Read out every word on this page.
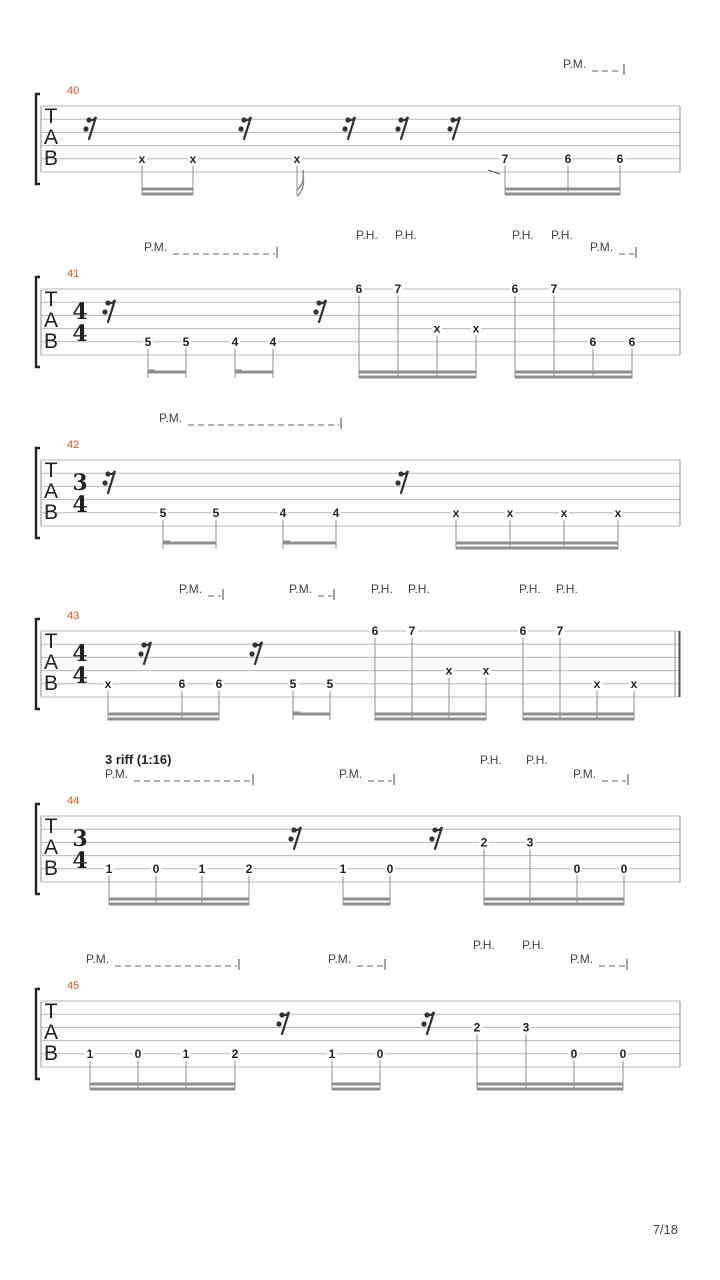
T
A
B
40
x	x	x	7	6	6
P.M.
T
A
B
41
4
4	5	5	4	4
6	7
x	x
6	7
6	6
P.M.
P.H. P.H.	P.H. P.H.
P.M.
T
A
B
42
3
4	5	5	4	4	x	x	x	x
P.M.
T
A
B
43
4
4 x	6	6	5	5
6	7
x	x
6	7
x	x
P.M.	P.M.	P.H. P.H.	P.H. P.H.
T
A
B
44
3
4
3 riff (1:16)
1	0	1	2	1	0
2	3
0	0
P.M.	P.M.
P.H. P.H.
P.M.
T
A
B
45
1	0	1	2	1	0
2	3
0	0
P.M.	P.M.
P.H. P.H.
P.M.
7/18
